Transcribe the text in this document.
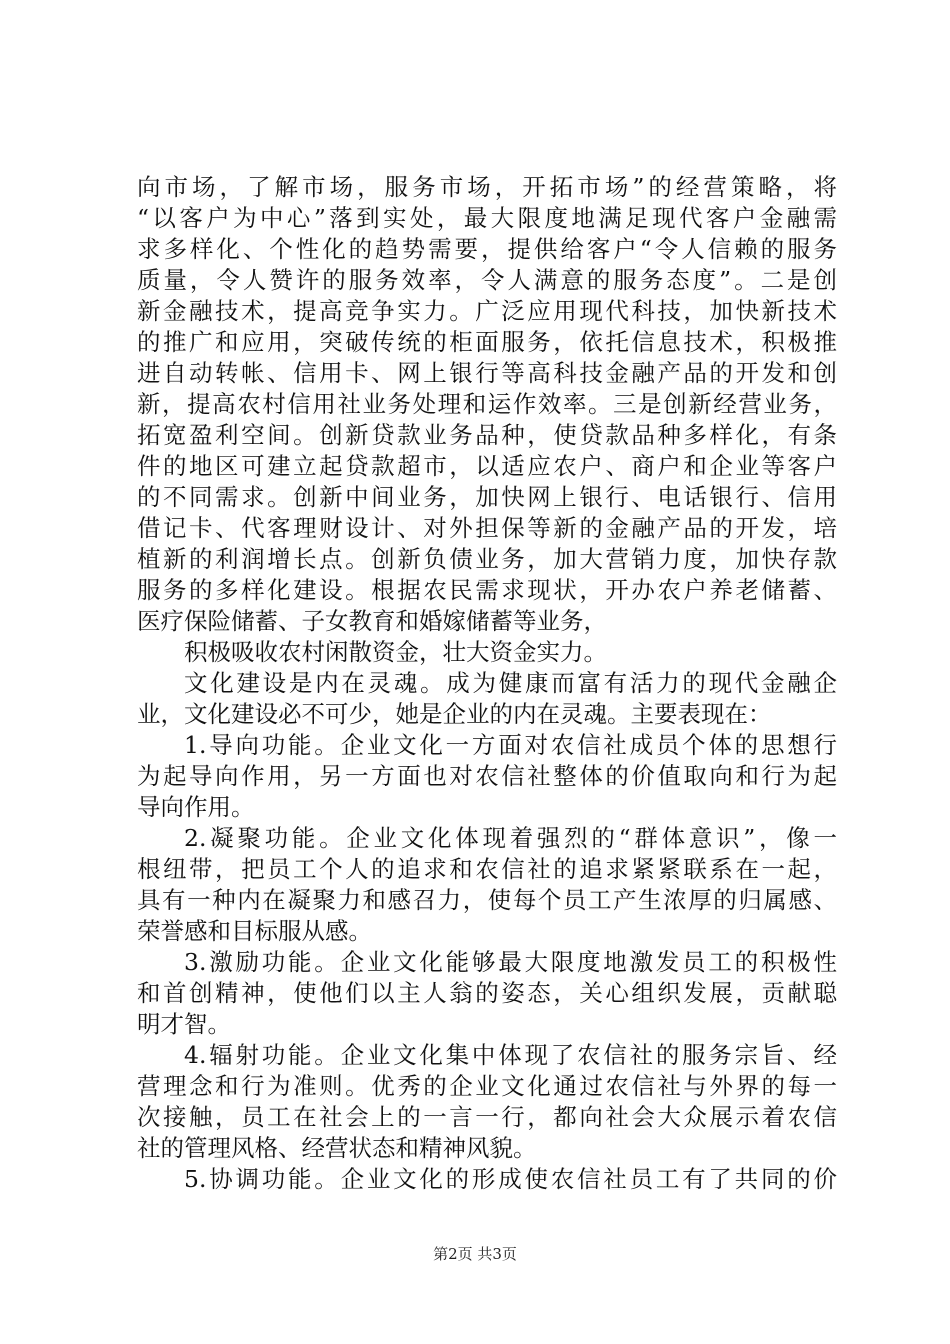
向市场，了解市场，服务市场，开拓市场”的经营策略，将
“以客户为中心”落到实处，最大限度地满足现代客户金融需
求多样化、个性化的趋势需要，提供给客户“令人信赖的服务
质量，令人赞许的服务效率，令人满意的服务态度”。二是创
新金融技术，提高竞争实力。广泛应用现代科技，加快新技术
的推广和应用，突破传统的柜面服务，依托信息技术，积极推
进自动转帐、信用卡、网上银行等高科技金融产品的开发和创
新，提高农村信用社业务处理和运作效率。三是创新经营业务，
拓宽盈利空间。创新贷款业务品种，使贷款品种多样化，有条
件的地区可建立起贷款超市，以适应农户、商户和企业等客户
的不同需求。创新中间业务，加快网上银行、电话银行、信用
借记卡、代客理财设计、对外担保等新的金融产品的开发，培
植新的利润增长点。创新负债业务，加大营销力度，加快存款
服务的多样化建设。根据农民需求现状，开办农户养老储蓄、
医疗保险储蓄、子女教育和婚嫁储蓄等业务，
积极吸收农村闲散资金，壮大资金实力。
文化建设是内在灵魂。成为健康而富有活力的现代金融企
业，文化建设必不可少，她是企业的内在灵魂。主要表现在：
1.导向功能。企业文化一方面对农信社成员个体的思想行
为起导向作用，另一方面也对农信社整体的价值取向和行为起
导向作用。
2.凝聚功能。企业文化体现着强烈的“群体意识”，像一
根纽带，把员工个人的追求和农信社的追求紧紧联系在一起，
具有一种内在凝聚力和感召力，使每个员工产生浓厚的归属感、
荣誉感和目标服从感。
3.激励功能。企业文化能够最大限度地激发员工的积极性
和首创精神，使他们以主人翁的姿态，关心组织发展，贡献聪
明才智。
4.辐射功能。企业文化集中体现了农信社的服务宗旨、经
营理念和行为准则。优秀的企业文化通过农信社与外界的每一
次接触，员工在社会上的一言一行，都向社会大众展示着农信
社的管理风格、经营状态和精神风貌。
5.协调功能。企业文化的形成使农信社员工有了共同的价
第2页 共3页
